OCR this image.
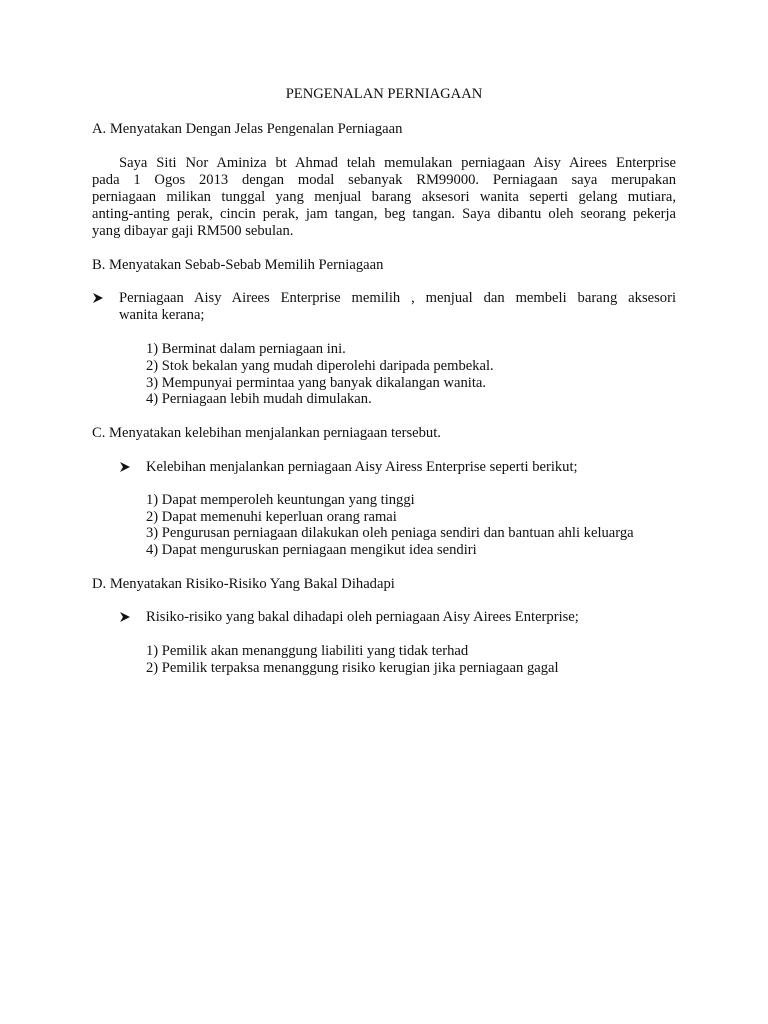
PENGENALAN PERNIAGAAN
A. Menyatakan Dengan Jelas Pengenalan Perniagaan
Saya Siti Nor Aminiza bt Ahmad telah memulakan perniagaan Aisy Airees Enterprise
pada 1 Ogos 2013 dengan modal sebanyak RM99000. Perniagaan saya merupakan
perniagaan milikan tunggal yang menjual barang aksesori wanita seperti gelang mutiara,
anting-anting perak, cincin perak, jam tangan, beg tangan. Saya dibantu oleh seorang pekerja
yang dibayar gaji RM500 sebulan.
B. Menyatakan Sebab-Sebab Memilih Perniagaan
Perniagaan Aisy Airees Enterprise memilih , menjual dan membeli barang aksesori
wanita kerana;
1) Berminat dalam perniagaan ini.
2) Stok bekalan yang mudah diperolehi daripada pembekal.
3) Mempunyai permintaa yang banyak dikalangan wanita.
4) Perniagaan lebih mudah dimulakan.
C. Menyatakan kelebihan menjalankan perniagaan tersebut.
Kelebihan menjalankan perniagaan Aisy Airess Enterprise seperti berikut;
1) Dapat memperoleh keuntungan yang tinggi
2) Dapat memenuhi keperluan orang ramai
3) Pengurusan perniagaan dilakukan oleh peniaga sendiri dan bantuan ahli keluarga
4) Dapat menguruskan perniagaan mengikut idea sendiri
D. Menyatakan Risiko-Risiko Yang Bakal Dihadapi
Risiko-risiko yang bakal dihadapi oleh perniagaan Aisy Airees Enterprise;
1) Pemilik akan menanggung liabiliti yang tidak terhad
2) Pemilik terpaksa menanggung risiko kerugian jika perniagaan gagal
